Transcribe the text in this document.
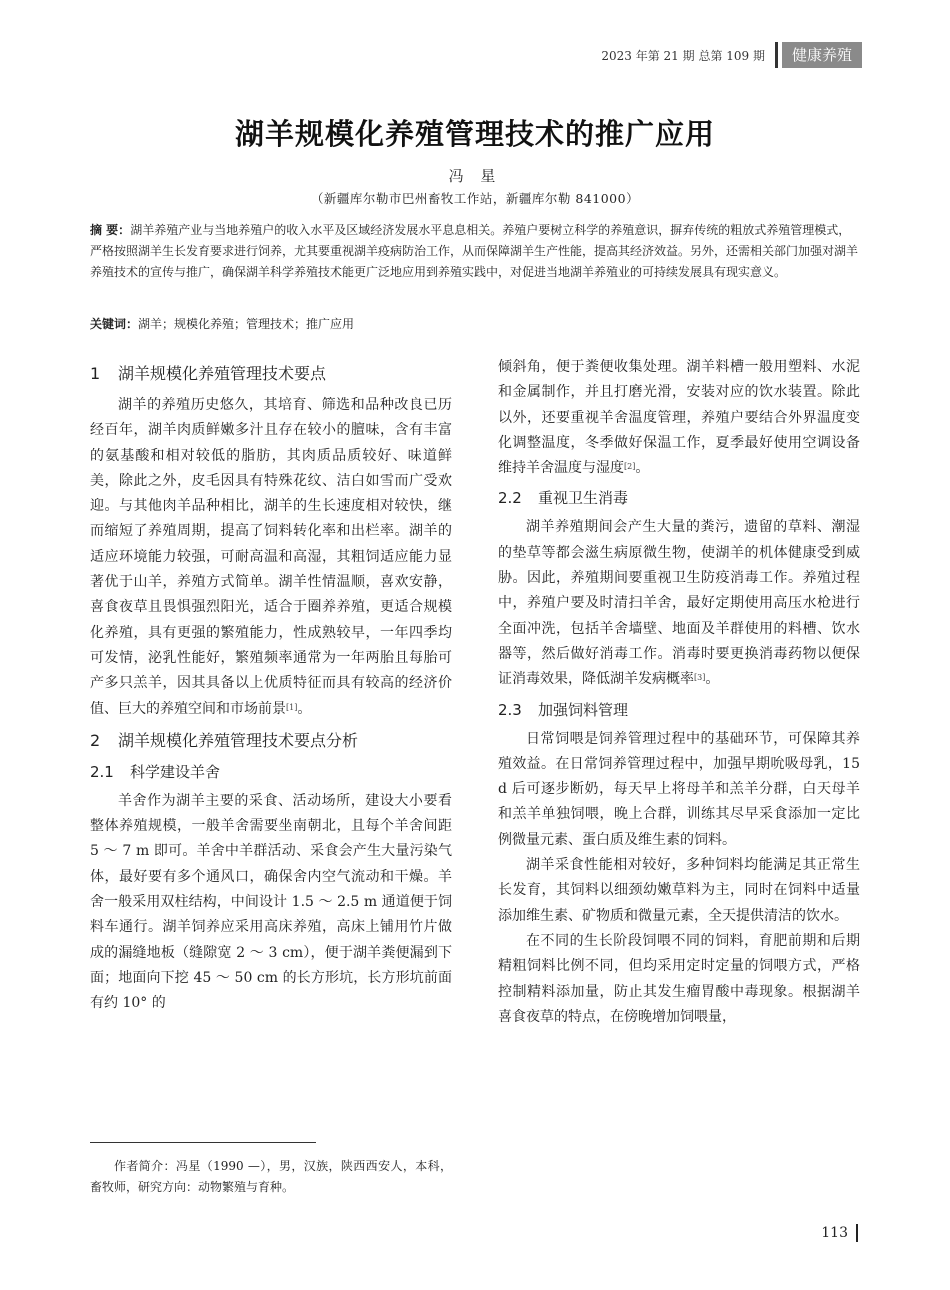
2023 年第 21 期 总第 109 期	健康养殖
湖羊规模化养殖管理技术的推广应用
冯 星
（新疆库尔勒市巴州畜牧工作站，新疆库尔勒 841000）
摘 要：湖羊养殖产业与当地养殖户的收入水平及区域经济发展水平息息相关。养殖户要树立科学的养殖意识，摒弃传统的粗放式养殖管理模式，严格按照湖羊生长发育要求进行饲养，尤其要重视湖羊疫病防治工作，从而保障湖羊生产性能，提高其经济效益。另外，还需相关部门加强对湖羊养殖技术的宣传与推广，确保湖羊科学养殖技术能更广泛地应用到养殖实践中，对促进当地湖羊养殖业的可持续发展具有现实意义。
关键词：湖羊；规模化养殖；管理技术；推广应用
1 湖羊规模化养殖管理技术要点

湖羊的养殖历史悠久，其培育、筛选和品种改良已历经百年，湖羊肉质鲜嫩多汁且存在较小的膻味，含有丰富的氨基酸和相对较低的脂肪，其肉质品质较好、味道鲜美，除此之外，皮毛因具有特殊花纹、洁白如雪而广受欢迎。与其他肉羊品种相比，湖羊的生长速度相对较快，继而缩短了养殖周期，提高了饲料转化率和出栏率。湖羊的适应环境能力较强，可耐高温和高湿，其粗饲适应能力显著优于山羊，养殖方式简单。湖羊性情温顺，喜欢安静，喜食夜草且畏惧强烈阳光，适合于圈养养殖，更适合规模化养殖，具有更强的繁殖能力，性成熟较早，一年四季均可发情，泌乳性能好，繁殖频率通常为一年两胎且每胎可产多只羔羊，因其具备以上优质特征而具有较高的经济价值、巨大的养殖空间和市场前景[1]。

2 湖羊规模化养殖管理技术要点分析
2.1 科学建设羊舍

羊舍作为湖羊主要的采食、活动场所，建设大小要看整体养殖规模，一般羊舍需要坐南朝北，且每个羊舍间距 5 ～ 7 m 即可。羊舍中羊群活动、采食会产生大量污染气体，最好要有多个通风口，确保舍内空气流动和干燥。羊舍一般采用双柱结构，中间设计 1.5 ～ 2.5 m 通道便于饲料车通行。湖羊饲养应采用高床养殖，高床上铺用竹片做成的漏缝地板（缝隙宽 2 ～ 3 cm），便于湖羊粪便漏到下面；地面向下挖 45 ～ 50 cm 的长方形坑，长方形坑前面有约 10° 的

倾斜角，便于粪便收集处理。湖羊料槽一般用塑料、水泥和金属制作，并且打磨光滑，安装对应的饮水装置。除此以外，还要重视羊舍温度管理，养殖户要结合外界温度变化调整温度，冬季做好保温工作，夏季最好使用空调设备维持羊舍温度与湿度[2]。

2.2 重视卫生消毒

湖羊养殖期间会产生大量的粪污，遗留的草料、潮湿的垫草等都会滋生病原微生物，使湖羊的机体健康受到威胁。因此，养殖期间要重视卫生防疫消毒工作。养殖过程中，养殖户要及时清扫羊舍，最好定期使用高压水枪进行全面冲洗，包括羊舍墙壁、地面及羊群使用的料槽、饮水器等，然后做好消毒工作。消毒时要更换消毒药物以便保证消毒效果，降低湖羊发病概率[3]。

2.3 加强饲料管理

日常饲喂是饲养管理过程中的基础环节，可保障其养殖效益。在日常饲养管理过程中，加强早期吮吸母乳，15 d 后可逐步断奶，每天早上将母羊和羔羊分群，白天母羊和羔羊单独饲喂，晚上合群，训练其尽早采食添加一定比例微量元素、蛋白质及维生素的饲料。

湖羊采食性能相对较好，多种饲料均能满足其正常生长发育，其饲料以细颈幼嫩草料为主，同时在饲料中适量添加维生素、矿物质和微量元素，全天提供清洁的饮水。

在不同的生长阶段饲喂不同的饲料，育肥前期和后期精粗饲料比例不同，但均采用定时定量的饲喂方式，严格控制精料添加量，防止其发生瘤胃酸中毒现象。根据湖羊喜食夜草的特点，在傍晚增加饲喂量，

作者简介：冯星（1990 —），男，汉族，陕西西安人，本科，畜牧师，研究方向：动物繁殖与育种。
113
